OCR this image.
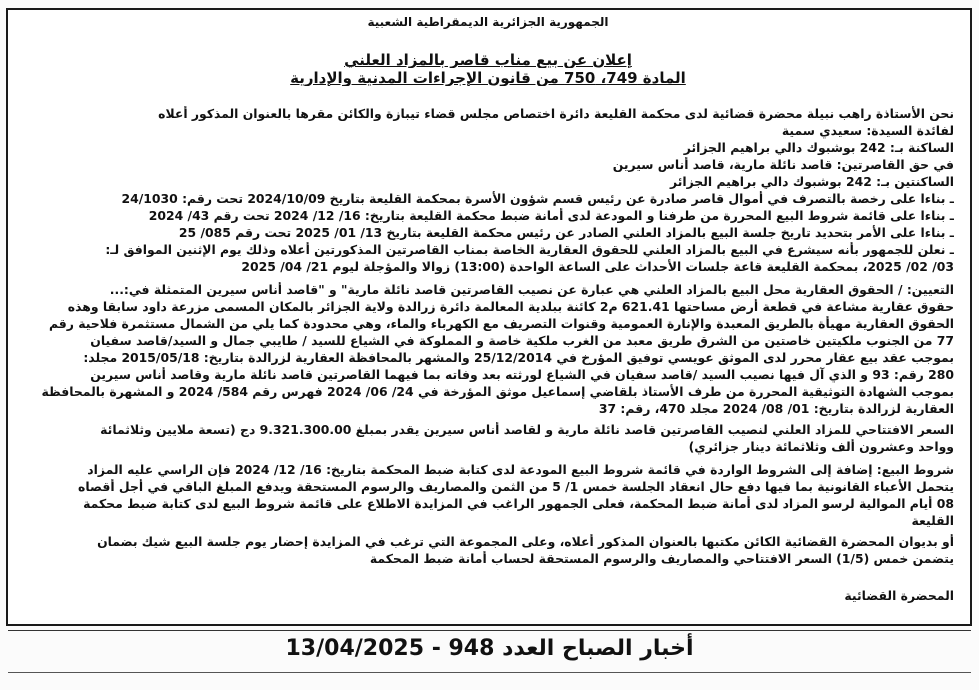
الجمهورية الجزائرية الديمقراطية الشعبية
إعلان عن بيع مناب قاصر بالمزاد العلني
المادة 749، 750 من قانون الإجراءات المدنية والإدارية
نحن الأستاذة راهب نبيلة محضرة قضائية لدى محكمة القليعة دائرة اختصاص مجلس قضاء تيبازة والكائن مقرها بالعنوان المذكور أعلاه
لفائدة السيدة: سعيدي سمية
الساكنة بـ: 242 بوشبوك دالي براهيم الجزائر
في حق القاصرتين: قاصد نائلة مارية، قاصد أناس سيرين
الساكنتين بـ: 242 بوشبوك دالي براهيم الجزائر
ـ بناءا على رخصة بالتصرف في أموال قاصر صادرة عن رئيس قسم شؤون الأسرة بمحكمة القليعة بتاريخ 2024/10/09 تحت رقم: 24/1030
ـ بناءا على قائمة شروط البيع المحررة من طرفنا و المودعة لدى أمانة ضبط محكمة القليعة بتاريخ: 16/ 12/ 2024 تحت رقم 43/ 2024
ـ بناءا على الأمر بتحديد تاريخ جلسة البيع بالمزاد العلني الصادر عن رئيس محكمة القليعة بتاريخ 13/ 01/ 2025 تحت رقم 085/ 25
ـ نعلن للجمهور بأنه سيشرع في البيع بالمزاد العلني للحقوق العقارية الخاصة بمناب القاصرتين المذكورتين أعلاه وذلك يوم الإثنين الموافق لـ:
03/ 02/ 2025، بمحكمة القليعة قاعة جلسات الأحداث على الساعة الواحدة (13:00) زوالا والمؤجلة ليوم 21/ 04/ 2025
التعيين: / الحقوق العقارية محل البيع بالمزاد العلني هي عبارة عن نصيب القاصرتين قاصد نائلة مارية" و "قاصد أناس سيرين المتمثلة في:...
حقوق عقارية مشاعة في قطعة أرض مساحتها 621.41 م2 كائنة ببلدية المعالمة دائرة زرالدة ولاية الجزائر بالمكان المسمى مزرعة داود سابقا وهذه
الحقوق العقارية مهيأة بالطريق المعبدة والإنارة العمومية وقنوات التصريف مع الكهرباء والماء، وهي محدودة كما يلي من الشمال مستثمرة فلاحية رقم
77 من الجنوب ملكيتين خاصتين من الشرق طريق معبد من الغرب ملكية خاصة و المملوكة في الشياع للسيد / طايبي جمال و السيد/قاصد سفيان
بموجب عقد بيع عقار محرر لدى الموثق عويسي توفيق المؤرخ في 25/12/2014 والمشهر بالمحافظة العقارية لزرالدة بتاريخ: 2015/05/18 مجلد:
280 رقم: 93 و الذي آل فيها نصيب السيد /قاصد سفيان في الشياع لورثته بعد وفاته بما فيهما القاصرتين قاصد نائلة مارية وقاصد أناس سيرين
بموجب الشهادة التوثيقية المحررة من طرف الأستاذ بلقاضي إسماعيل موثق المؤرخة في 24/ 06/ 2024 فهرس رقم 584/ 2024 و المشهرة بالمحافظة
العقارية لزرالدة بتاريخ: 01/ 08/ 2024 مجلد 470، رقم: 37
السعر الافتتاحي للمزاد العلني لنصيب القاصرتين قاصد نائلة مارية و لقاصد أناس سيرين يقدر بمبلغ 9.321.300.00 دج (تسعة ملايين وثلاثمائة
وواحد وعشرون ألف وثلاثمائة دينار جزائري)
شروط البيع: إضافة إلى الشروط الواردة في قائمة شروط البيع المودعة لدى كتابة ضبط المحكمة بتاريخ: 16/ 12/ 2024 فإن الراسي عليه المزاد
يتحمل الأعباء القانونية بما فيها دفع حال انعقاد الجلسة خمس 1/ 5 من الثمن والمصاريف والرسوم المستحقة ويدفع المبلغ الباقي في أجل أقصاه
08 أيام الموالية لرسو المزاد لدى أمانة ضبط المحكمة، فعلى الجمهور الراغب في المزايدة الاطلاع على قائمة شروط البيع لدى كتابة ضبط محكمة
القليعة
أو بديوان المحضرة القضائية الكائن مكتبها بالعنوان المذكور أعلاه، وعلى المجموعة التي ترغب في المزايدة إحضار يوم جلسة البيع شيك بضمان
يتضمن خمس (1/5) السعر الافتتاحي والمصاريف والرسوم المستحقة لحساب أمانة ضبط المحكمة
المحضرة القضائية
أخبار الصباح العدد 948 - 13/04/2025
